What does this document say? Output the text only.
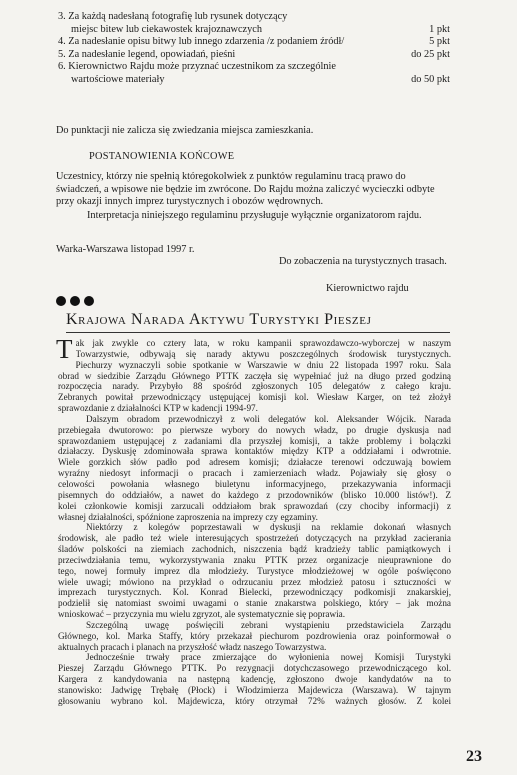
3. Za każdą nadesłaną fotografię lub rysunek dotyczący
miejsc bitew lub ciekawostek krajoznawczych	1 pkt
4. Za nadesłanie opisu bitwy lub innego zdarzenia /z podaniem źródł/	5 pkt
5. Za nadesłanie legend, opowiadań, pieśni	do 25 pkt
6. Kierownictwo Rajdu może przyznać uczestnikom za szczególnie
wartościowe materiały	do 50 pkt
Do punktacji nie zalicza się zwiedzania miejsca zamieszkania.
POSTANOWIENIA KOŃCOWE
Uczestnicy, którzy nie spełnią któregokolwiek z punktów regulaminu tracą prawo do
świadczeń, a wpisowe nie będzie im zwrócone. Do Rajdu można zaliczyć wycieczki odbyte
przy okazji innych imprez turystycznych i obozów wędrownych.
Interpretacja niniejszego regulaminu przysługuje wyłącznie organizatorom rajdu.
Warka-Warszawa listopad 1997 r.
Do zobaczenia na turystycznych trasach.
Kierownictwo rajdu
Krajowa Narada Aktywu Turystyki Pieszej
T ak jak zwykle co cztery lata, w roku kampanii sprawozdawczo-wyborczej w naszym
Towarzystwie, odbywają się narady aktywu poszczególnych środowisk turystycznych.
Piechurzy wyznaczyli sobie spotkanie w Warszawie w dniu 22 listopada 1997 roku. Sala
obrad w siedzibie Zarządu Głównego PTTK zaczęła się wypełniać już na długo przed godziną
rozpoczęcia narady. Przybyło 88 spośród zgłoszonych 105 delegatów z całego kraju.
Zebranych powitał przewodniczący ustępującej komisji kol. Wiesław Karger, on też złożył
sprawozdanie z działalności KTP w kadencji 1994-97.
Dalszym obradom przewodniczył z woli delegatów kol. Aleksander Wójcik. Narada
przebiegała dwutorowo: po pierwsze wybory do nowych władz, po drugie dyskusja nad
sprawozdaniem ustępującej z zadaniami dla przyszłej komisji, a także problemy i bolączki
działaczy. Dyskusję zdominowała sprawa kontaktów między KTP a oddziałami i odwrotnie.
Wiele gorzkich słów padło pod adresem komisji; działacze terenowi odczuwają bowiem
wyraźny niedosyt informacji o pracach i zamierzeniach władz. Pojawiały się głosy o
celowości powołania własnego biuletynu informacyjnego, przekazywania informacji
pisemnych do oddziałów, a nawet do każdego z przodowników (blisko 10.000 listów!). Z
kolei członkowie komisji zarzucali oddziałom brak sprawozdań (czy chociby informacji) z
własnej działalności, spóźnione zaproszenia na imprezy czy egzaminy.
Niektórzy z kolegów poprzestawali w dyskusji na reklamie dokonań własnych
środowisk, ale padło też wiele interesujących spostrzeżeń dotyczących na przykład zacierania
śladów polskości na ziemiach zachodnich, niszczenia bądź kradzieży tablic pamiątkowych i
przeciwdziałania temu, wykorzystywania znaku PTTK przez organizacje nieuprawnione do
tego, nowej formuły imprez dla młodzieży. Turystyce młodzieżowej w ogóle poświęcono
wiele uwagi; mówiono na przykład o odrzucaniu przez młodzież patosu i sztuczności w
imprezach turystycznych. Kol. Konrad Bielecki, przewodniczący podkomisji znakarskiej,
podzielił się natomiast swoimi uwagami o stanie znakarstwa polskiego, który – jak można
wnioskować – przyczynia mu wielu zgryzot, ale systematycznie się poprawia.
Szczególną uwagę poświęcili zebrani wystąpieniu przedstawiciela Zarządu
Głównego, kol. Marka Staffy, który przekazał piechurom pozdrowienia oraz poinformował o
aktualnych pracach i planach na przyszłość władz naszego Towarzystwa.
Jednocześnie trwały prace zmierzające do wyłonienia nowej Komisji Turystyki
Pieszej Zarządu Głównego PTTK. Po rezygnacji dotychczasowego przewodniczącego kol.
Kargera z kandydowania na następną kadencję, zgłoszono dwoje kandydatów na to
stanowisko: Jadwigę Trębałę (Płock) i Włodzimierza Majdewicza (Warszawa). W tajnym
głosowaniu wybrano kol. Majdewicza, który otrzymał 72% ważnych głosów. Z kolei
23
